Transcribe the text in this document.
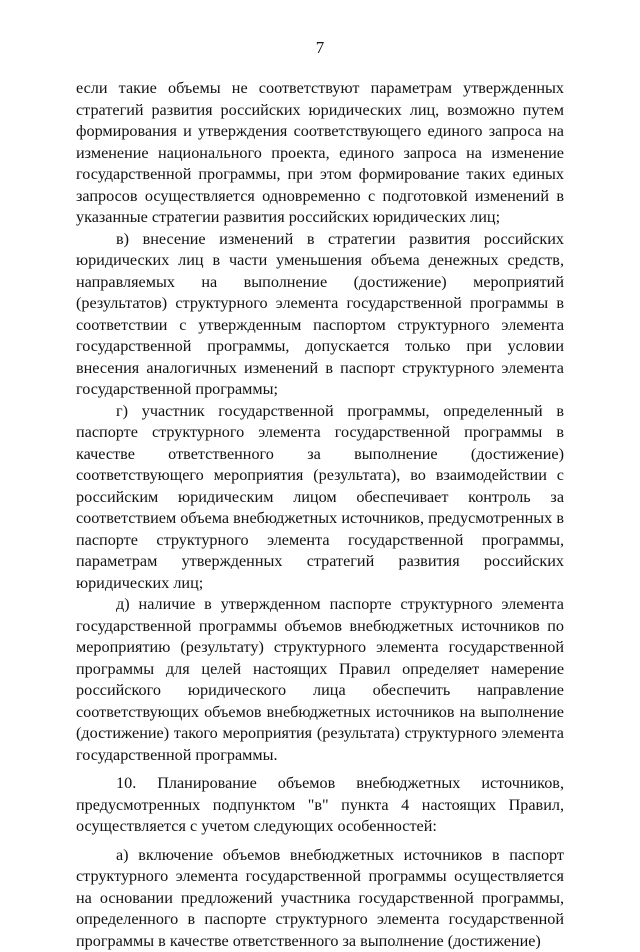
7

если такие объемы не соответствуют параметрам утвержденных стратегий развития российских юридических лиц, возможно путем формирования и утверждения соответствующего единого запроса на изменение национального проекта, единого запроса на изменение государственной программы, при этом формирование таких единых запросов осуществляется одновременно с подготовкой изменений в указанные стратегии развития российских юридических лиц;

в) внесение изменений в стратегии развития российских юридических лиц в части уменьшения объема денежных средств, направляемых на выполнение (достижение) мероприятий (результатов) структурного элемента государственной программы в соответствии с утвержденным паспортом структурного элемента государственной программы, допускается только при условии внесения аналогичных изменений в паспорт структурного элемента государственной программы;

г) участник государственной программы, определенный в паспорте структурного элемента государственной программы в качестве ответственного за выполнение (достижение) соответствующего мероприятия (результата), во взаимодействии с российским юридическим лицом обеспечивает контроль за соответствием объема внебюджетных источников, предусмотренных в паспорте структурного элемента государственной программы, параметрам утвержденных стратегий развития российских юридических лиц;

д) наличие в утвержденном паспорте структурного элемента государственной программы объемов внебюджетных источников по мероприятию (результату) структурного элемента государственной программы для целей настоящих Правил определяет намерение российского юридического лица обеспечить направление соответствующих объемов внебюджетных источников на выполнение (достижение) такого мероприятия (результата) структурного элемента государственной программы.

10. Планирование объемов внебюджетных источников, предусмотренных подпунктом "в" пункта 4 настоящих Правил, осуществляется с учетом следующих особенностей:

а) включение объемов внебюджетных источников в паспорт структурного элемента государственной программы осуществляется на основании предложений участника государственной программы, определенного в паспорте структурного элемента государственной программы в качестве ответственного за выполнение (достижение)
